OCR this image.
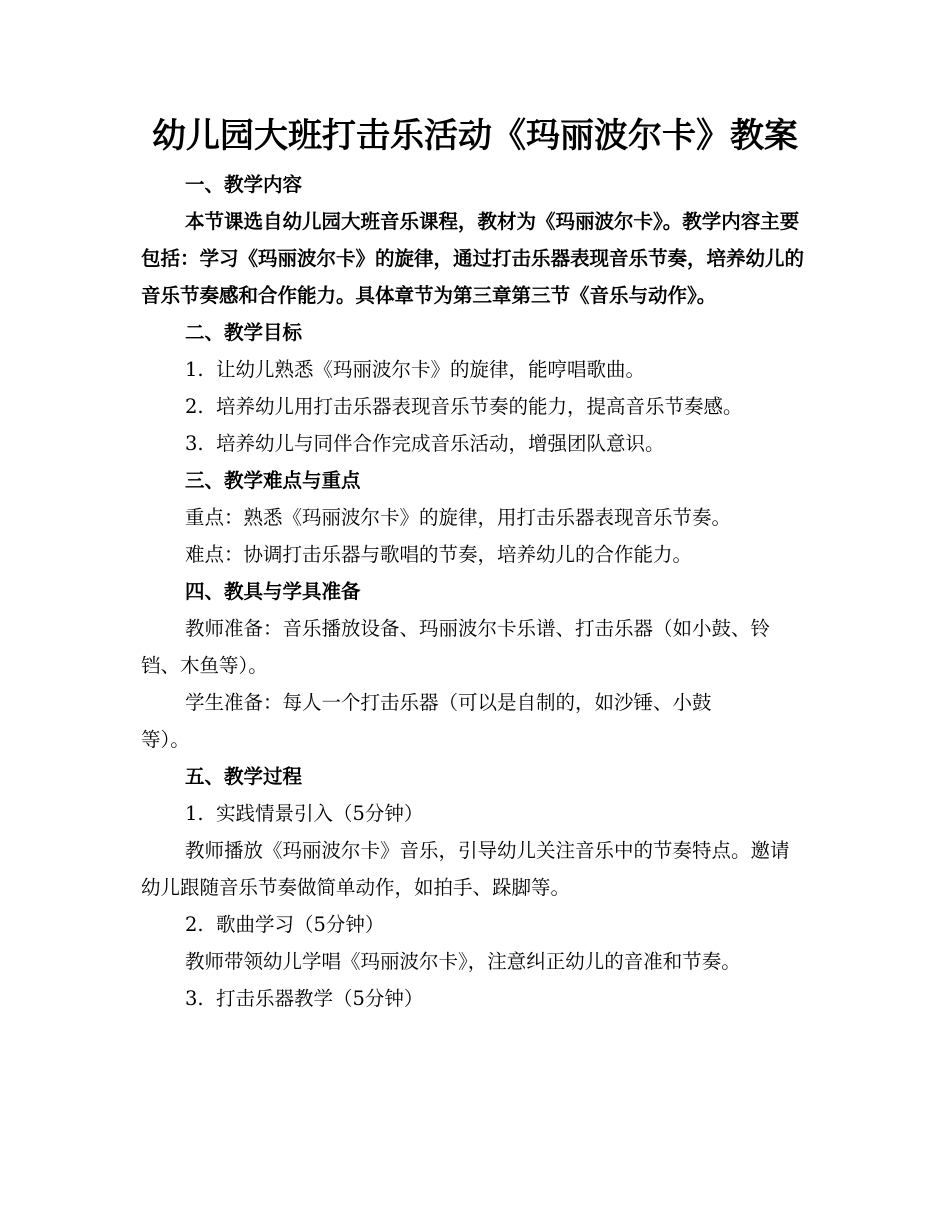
幼儿园大班打击乐活动《玛丽波尔卡》教案

一、教学内容

本节课选自幼儿园大班音乐课程，教材为《玛丽波尔卡》。教学内容主要包括：学习《玛丽波尔卡》的旋律，通过打击乐器表现音乐节奏，培养幼儿的音乐节奏感和合作能力。具体章节为第三章第三节《音乐与动作》。

二、教学目标

1. 让幼儿熟悉《玛丽波尔卡》的旋律，能哼唱歌曲。

2. 培养幼儿用打击乐器表现音乐节奏的能力，提高音乐节奏感。

3. 培养幼儿与同伴合作完成音乐活动，增强团队意识。

三、教学难点与重点

重点：熟悉《玛丽波尔卡》的旋律，用打击乐器表现音乐节奏。

难点：协调打击乐器与歌唱的节奏，培养幼儿的合作能力。

四、教具与学具准备

教师准备：音乐播放设备、玛丽波尔卡乐谱、打击乐器（如小鼓、铃铛、木鱼等）。

学生准备：每人一个打击乐器（可以是自制的，如沙锤、小鼓

等）。

五、教学过程

1. 实践情景引入（5分钟）

教师播放《玛丽波尔卡》音乐，引导幼儿关注音乐中的节奏特点。邀请幼儿跟随音乐节奏做简单动作，如拍手、跺脚等。

2. 歌曲学习（5分钟）

教师带领幼儿学唱《玛丽波尔卡》，注意纠正幼儿的音准和节奏。

3. 打击乐器教学（5分钟）
